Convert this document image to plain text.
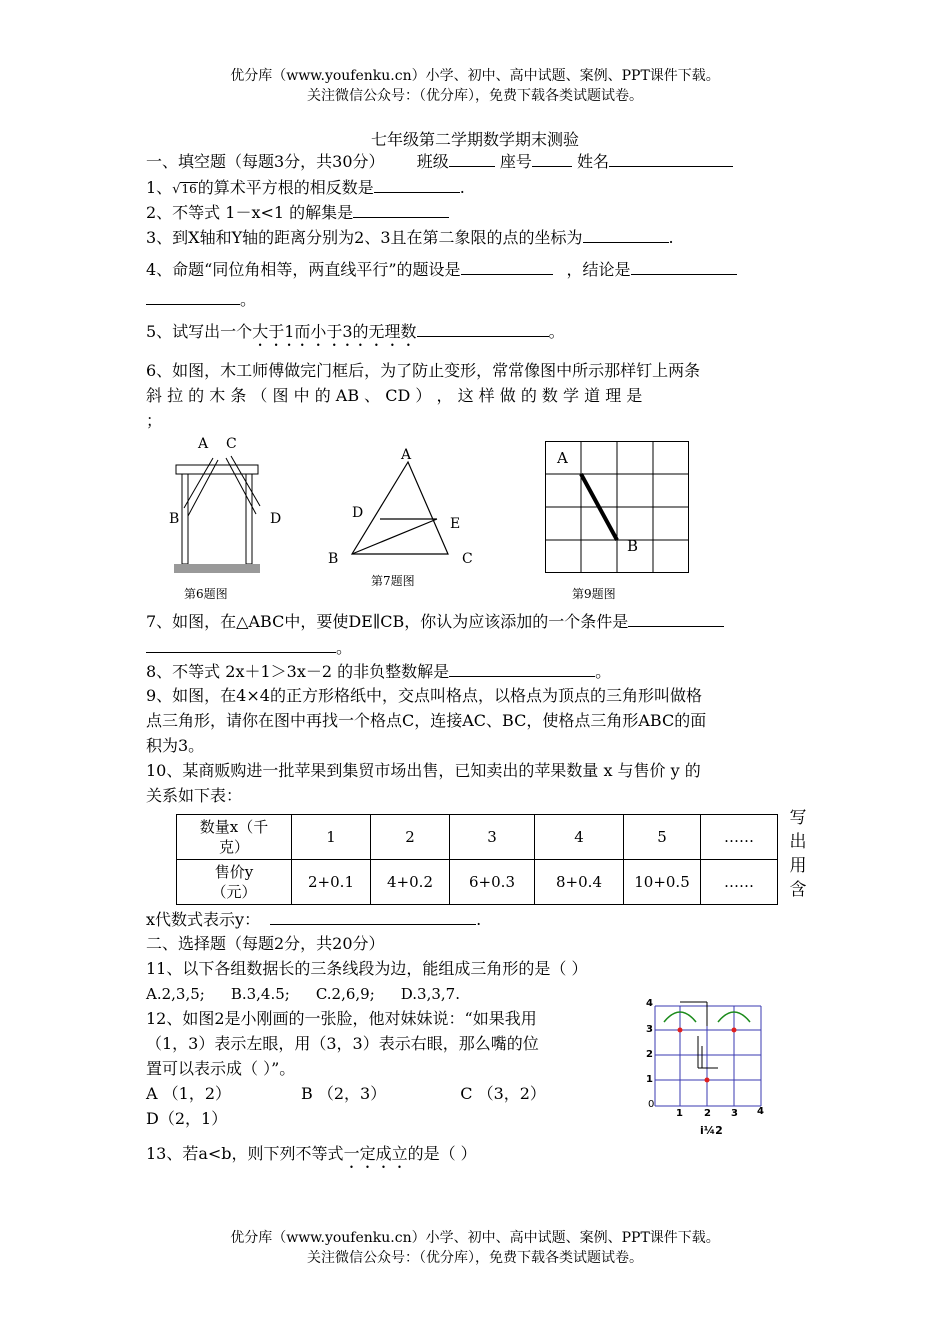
优分库（www.youfenku.cn）小学、初中、高中试题、案例、PPT课件下载。
关注微信公众号：（优分库），免费下载各类试题试卷。
七年级第二学期数学期末测验
一、填空题（每题3分，共30分） 班级	座号	姓名
1、√16的算术平方根的相反数是	.
2、不等式 1－x<1 的解集是
3、到X轴和Y轴的距离分别为2、3且在第二象限的点的坐标为	.
4、命题“同位角相等，两直线平行”的题设是	，结论是
。
5、试写出一个大于1而小于3的无理数	。
6、如图，木工师傅做完门框后，为了防止变形，常常像图中所示那样钉上两条
斜 拉 的 木 条 （ 图 中 的 AB 、 CD ） ， 这 样 做 的 数 学 道 理 是
；
A C
B	D
第6题图
A
D
E
B	C
第7题图
A
B
第9题图
7、如图，在△ABC中，要使DE∥CB，你认为应该添加的一个条件是
。
8、不等式 2x＋1＞3x－2 的非负整数解是	。
9、如图，在4×4的正方形格纸中，交点叫格点，以格点为顶点的三角形叫做格
点三角形，请你在图中再找一个格点C，连接AC、BC，使格点三角形ABC的面
积为3。
10、某商贩购进一批苹果到集贸市场出售，已知卖出的苹果数量 x 与售价 y 的
关系如下表：
数量x（千
克）	1	2	3	4	5	……
售价y
（元）	2+0.1	4+0.2	6+0.3	8+0.4	10+0.5	……
写
出
用
含
x代数式表示y：	.
二、选择题（每题2分，共20分）
11、以下各组数据长的三条线段为边，能组成三角形的是（ ）
A.2,3,5; B.3,4.5; C.2,6,9; D.3,3,7.
12、如图2是小刚画的一张脸，他对妹妹说：“如果我用
（1，3）表示左眼，用（3，3）表示右眼，那么嘴的位
置可以表示成（ ）”。
A （1，2）	B （2，3）	C （3，2）
D（2，1）
0
1
2
3
4
1 2 3 4
i¼2
13、若a<b，则下列不等式一定成立的是（ ）
优分库（www.youfenku.cn）小学、初中、高中试题、案例、PPT课件下载。
关注微信公众号：（优分库），免费下载各类试题试卷。
